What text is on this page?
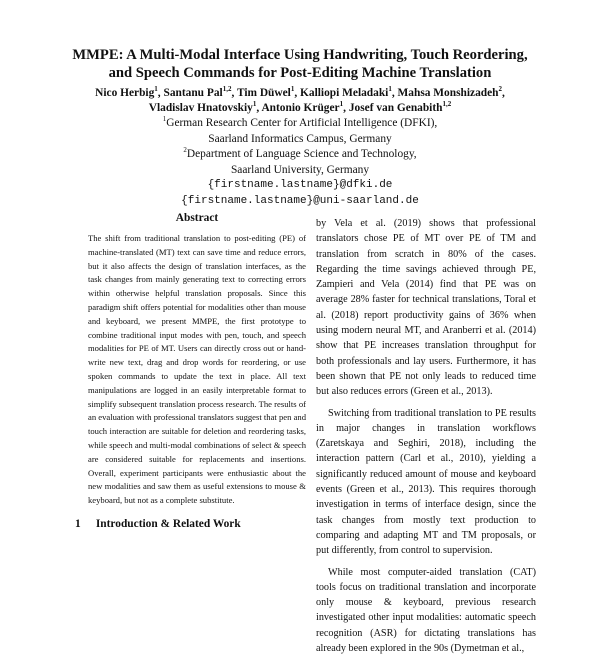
MMPE: A Multi-Modal Interface Using Handwriting, Touch Reordering,
and Speech Commands for Post-Editing Machine Translation
Nico Herbig$^1$, Santanu Pal$^{1,2}$, Tim Düwel$^1$, Kalliopi Meladaki$^1$, Mahsa Monshizadeh$^2$,
Vladislav Hnatovskiy$^1$, Antonio Krüger$^1$, Josef van Genabith$^{1,2}$
$^1$German Research Center for Artificial Intelligence (DFKI),
Saarland Informatics Campus, Germany
$^2$Department of Language Science and Technology,
Saarland University, Germany
{firstname.lastname}@dfki.de
{firstname.lastname}@uni-saarland.de
Abstract

The shift from traditional translation to post-editing (PE) of machine-translated (MT) text can save time and reduce errors, but it also affects the design of translation interfaces, as the task changes from mainly generating text to correcting errors within otherwise helpful translation proposals. Since this paradigm shift offers potential for modalities other than mouse and keyboard, we present MMPE, the first prototype to combine traditional input modes with pen, touch, and speech modalities for PE of MT. Users can directly cross out or hand-write new text, drag and drop words for reordering, or use spoken commands to update the text in place. All text manipulations are logged in an easily interpretable format to simplify subsequent translation process research. The results of an evaluation with professional translators suggest that pen and touch interaction are suitable for deletion and reordering tasks, while speech and multi-modal combinations of select & speech are considered suitable for replacements and insertions. Overall, experiment participants were enthusiastic about the new modalities and saw them as useful extensions to mouse & keyboard, but not as a complete substitute.

1 Introduction & Related Work

by Vela et al. (2019) shows that professional translators chose PE of MT over PE of TM and translation from scratch in 80% of the cases. Regarding the time savings achieved through PE, Zampieri and Vela (2014) find that PE was on average 28% faster for technical translations, Toral et al. (2018) report productivity gains of 36% when using modern neural MT, and Aranberri et al. (2014) show that PE increases translation throughput for both professionals and lay users. Furthermore, it has been shown that PE not only leads to reduced time but also reduces errors (Green et al., 2013).

Switching from traditional translation to PE results in major changes in translation workflows (Zaretskaya and Seghiri, 2018), including the interaction pattern (Carl et al., 2010), yielding a significantly reduced amount of mouse and keyboard events (Green et al., 2013). This requires thorough investigation in terms of interface design, since the task changes from mostly text production to comparing and adapting MT and TM proposals, or put differently, from control to supervision.

While most computer-aided translation (CAT) tools focus on traditional translation and incorporate only mouse & keyboard, previous research investigated other input modalities: automatic speech recognition (ASR) for dictating translations has already been explored in the 90s (Dymetman et al.,
